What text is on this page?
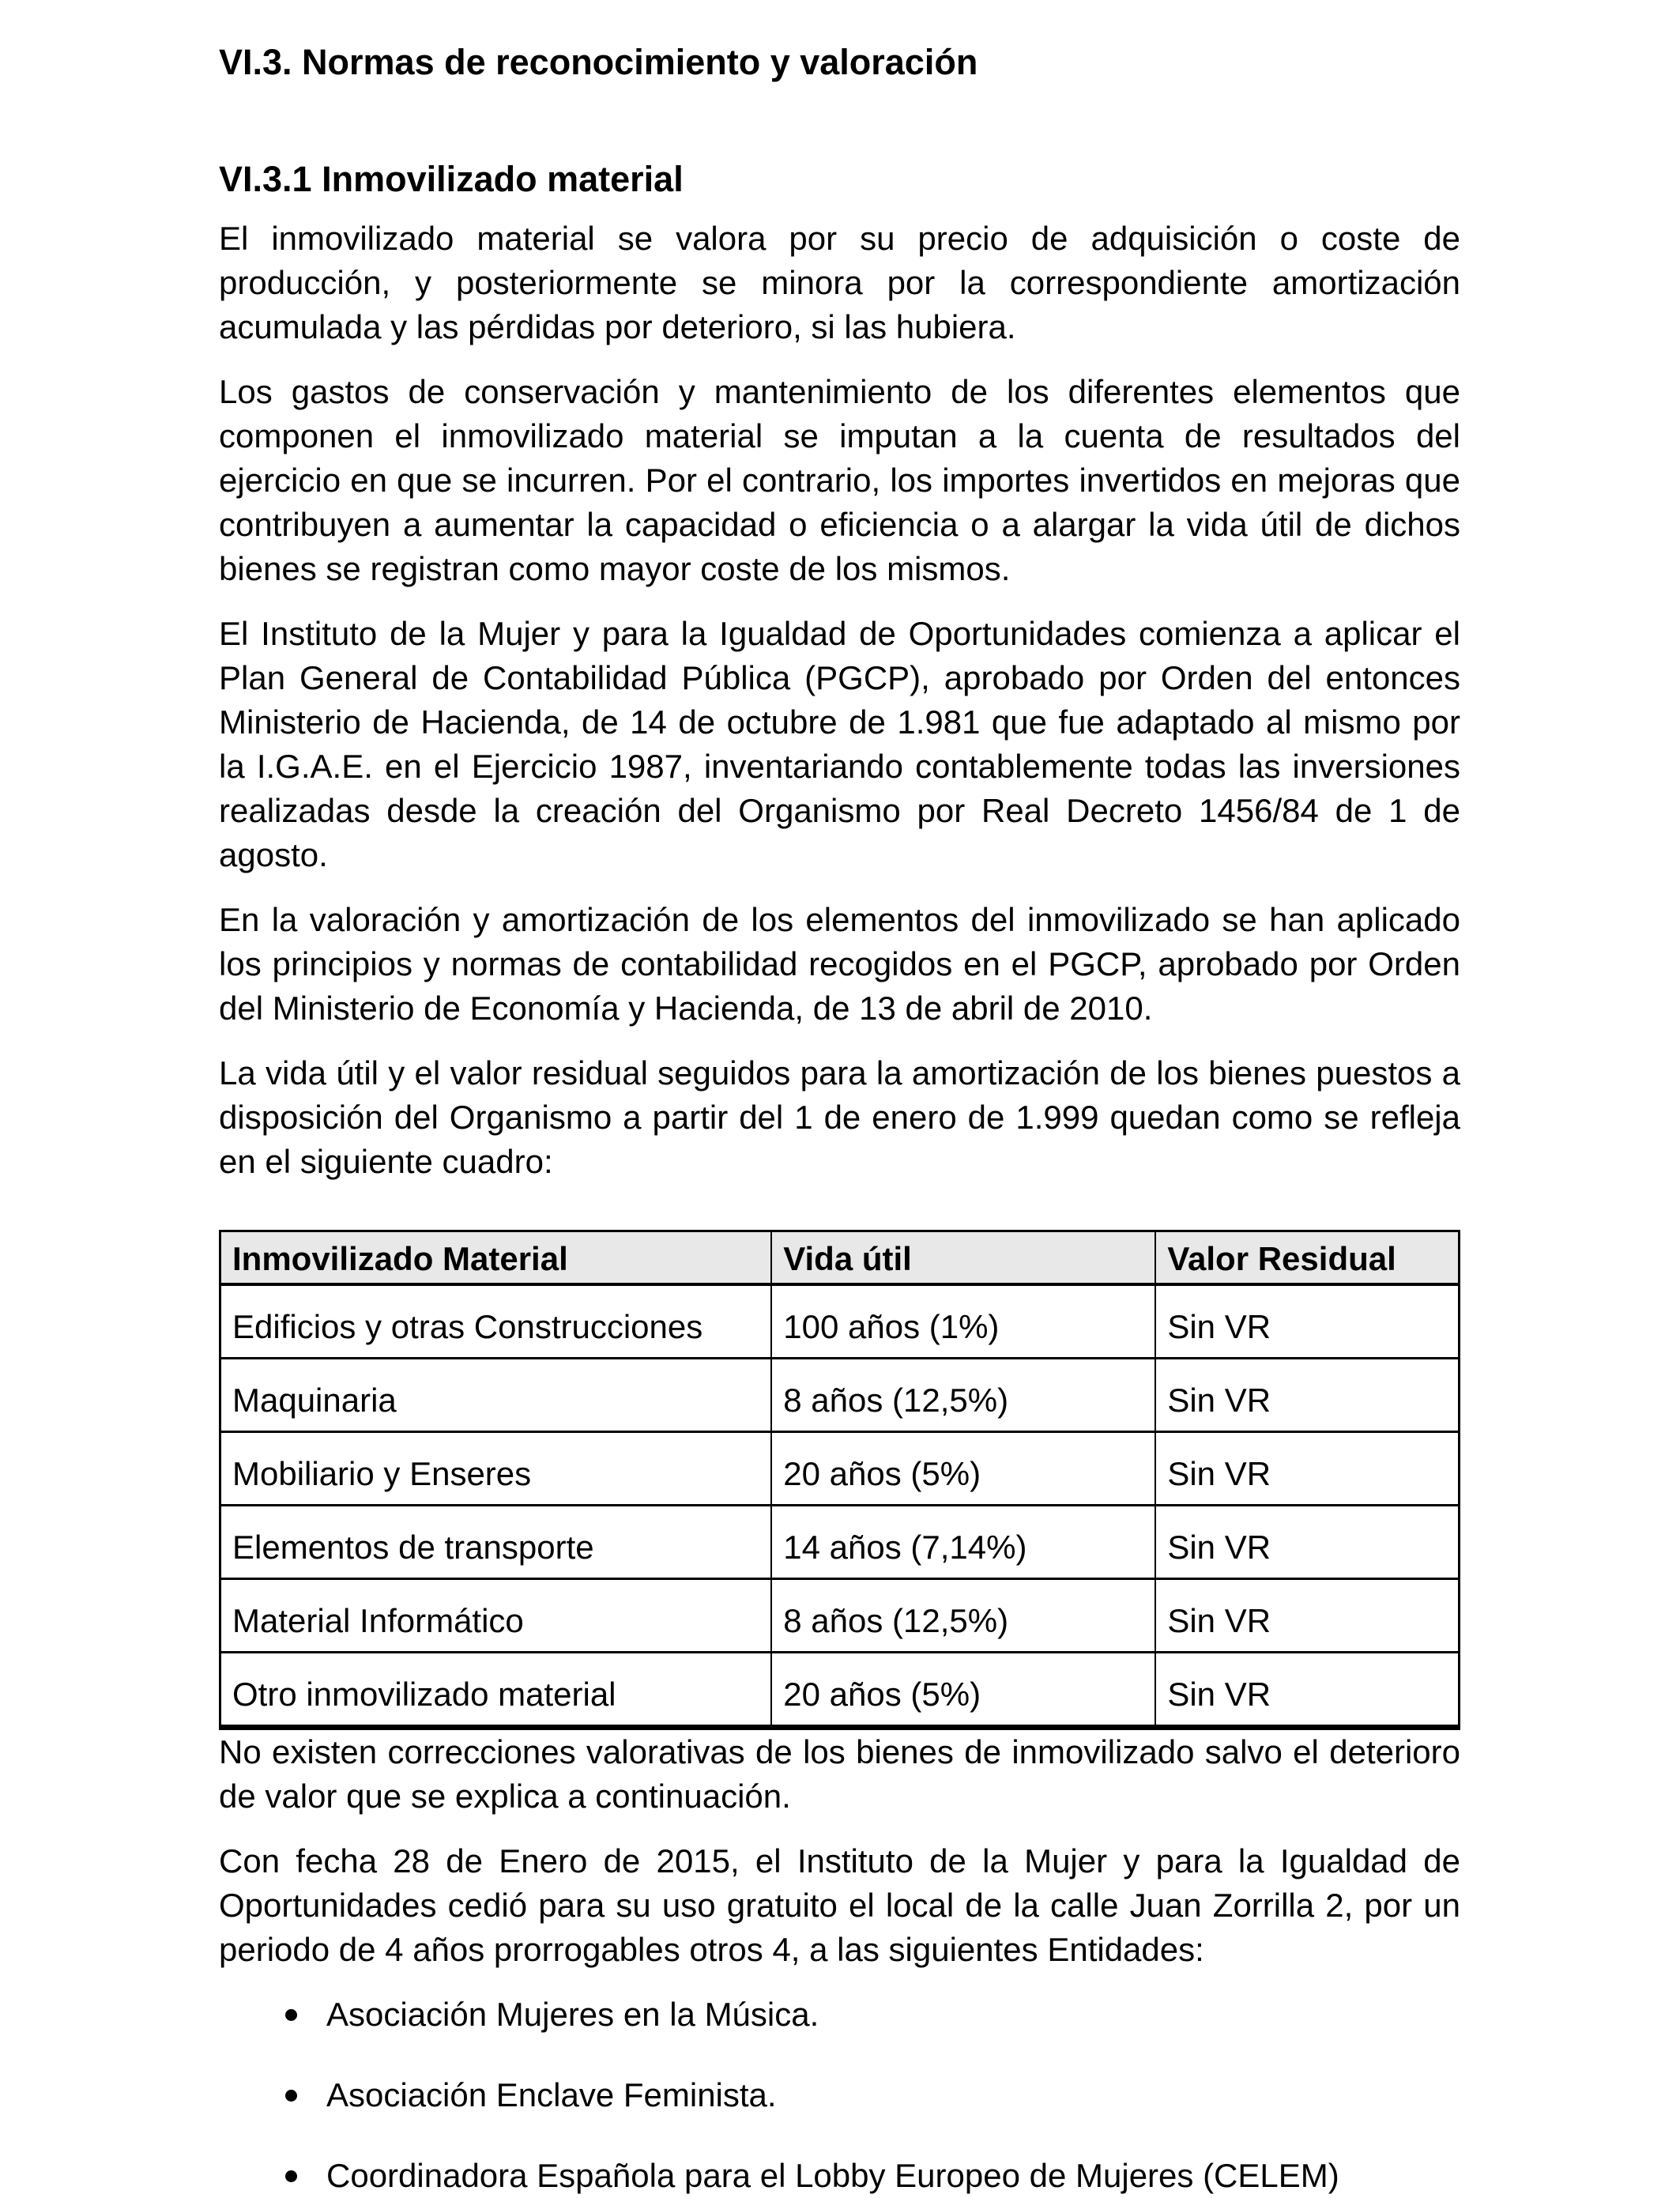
VI.3. Normas de reconocimiento y valoración
VI.3.1 Inmovilizado material

El inmovilizado material se valora por su precio de adquisición o coste de producción, y posteriormente se minora por la correspondiente amortización acumulada y las pérdidas por deterioro, si las hubiera.

Los gastos de conservación y mantenimiento de los diferentes elementos que componen el inmovilizado material se imputan a la cuenta de resultados del ejercicio en que se incurren. Por el contrario, los importes invertidos en mejoras que contribuyen a aumentar la capacidad o eficiencia o a alargar la vida útil de dichos bienes se registran como mayor coste de los mismos.

El Instituto de la Mujer y para la Igualdad de Oportunidades comienza a aplicar el Plan General de Contabilidad Pública (PGCP), aprobado por Orden del entonces Ministerio de Hacienda, de 14 de octubre de 1.981 que fue adaptado al mismo por la I.G.A.E. en el Ejercicio 1987, inventariando contablemente todas las inversiones realizadas desde la creación del Organismo por Real Decreto 1456/84 de 1 de agosto.

En la valoración y amortización de los elementos del inmovilizado se han aplicado los principios y normas de contabilidad recogidos en el PGCP, aprobado por Orden del Ministerio de Economía y Hacienda, de 13 de abril de 2010.

La vida útil y el valor residual seguidos para la amortización de los bienes puestos a disposición del Organismo a partir del 1 de enero de 1.999 quedan como se refleja en el siguiente cuadro:

Inmovilizado Material	Vida útil	Valor Residual
Edificios y otras Construcciones	100 años (1%)	Sin VR
Maquinaria	8 años (12,5%)	Sin VR
Mobiliario y Enseres	20 años (5%)	Sin VR
Elementos de transporte	14 años (7,14%)	Sin VR
Material Informático	8 años (12,5%)	Sin VR
Otro inmovilizado material	20 años (5%)	Sin VR

No existen correcciones valorativas de los bienes de inmovilizado salvo el deterioro de valor que se explica a continuación.

Con fecha 28 de Enero de 2015, el Instituto de la Mujer y para la Igualdad de Oportunidades cedió para su uso gratuito el local de la calle Juan Zorrilla 2, por un periodo de 4 años prorrogables otros 4, a las siguientes Entidades:

Asociación Mujeres en la Música.
Asociación Enclave Feminista.
Coordinadora Española para el Lobby Europeo de Mujeres (CELEM)
